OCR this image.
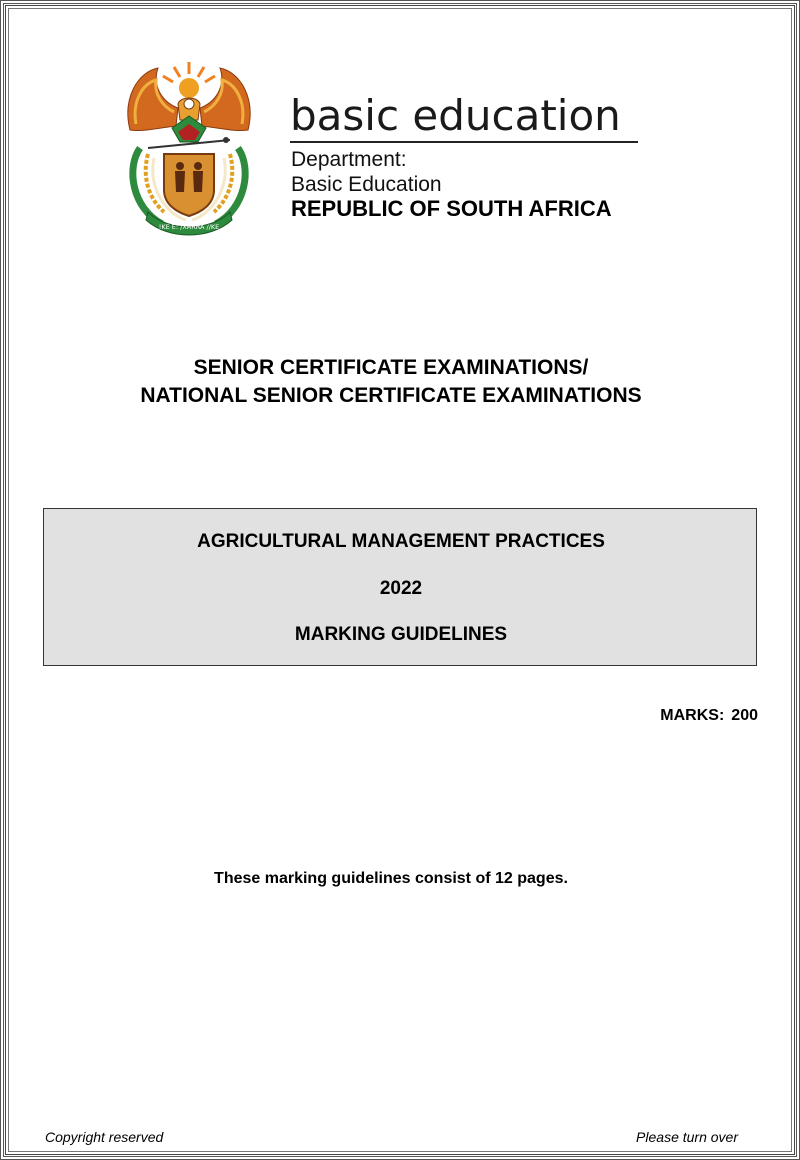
!KE E: /XARRA //KE
basic education
Department:
Basic Education
REPUBLIC OF SOUTH AFRICA
SENIOR CERTIFICATE EXAMINATIONS/
NATIONAL SENIOR CERTIFICATE EXAMINATIONS
AGRICULTURAL MANAGEMENT PRACTICES
2022
MARKING GUIDELINES
MARKS: 200
These marking guidelines consist of 12 pages.
Copyright reserved	Please turn over
